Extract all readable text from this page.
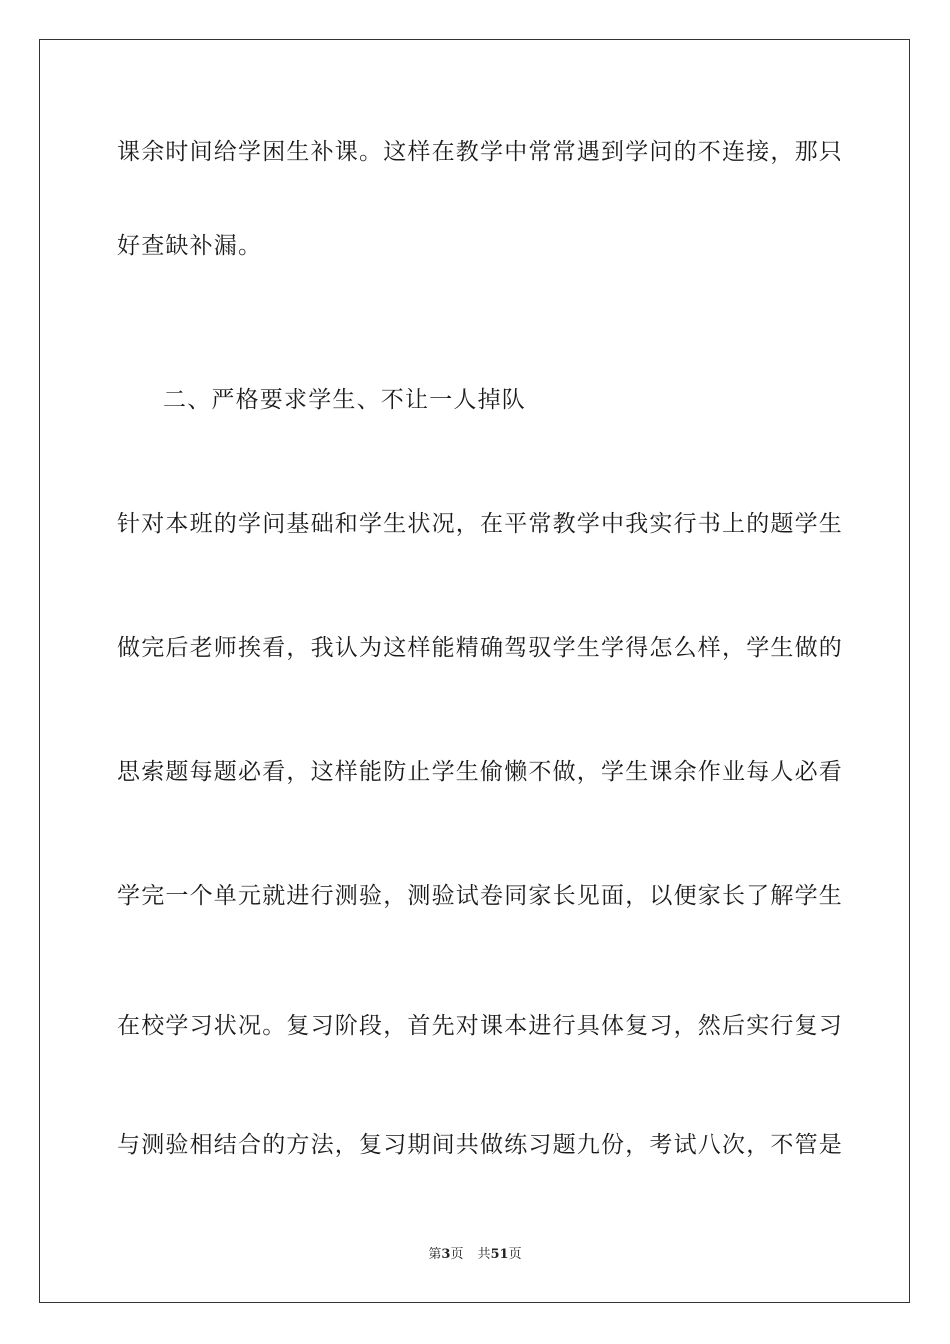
课余时间给学困生补课。这样在教学中常常遇到学问的不连接，那只
好查缺补漏。
二、严格要求学生、不让一人掉队
针对本班的学问基础和学生状况，在平常教学中我实行书上的题学生
做完后老师挨看，我认为这样能精确驾驭学生学得怎么样，学生做的
思索题每题必看，这样能防止学生偷懒不做，学生课余作业每人必看
学完一个单元就进行测验，测验试卷同家长见面，以便家长了解学生
在校学习状况。复习阶段，首先对课本进行具体复习，然后实行复习
与测验相结合的方法，复习期间共做练习题九份，考试八次，不管是
第3页 共51页
